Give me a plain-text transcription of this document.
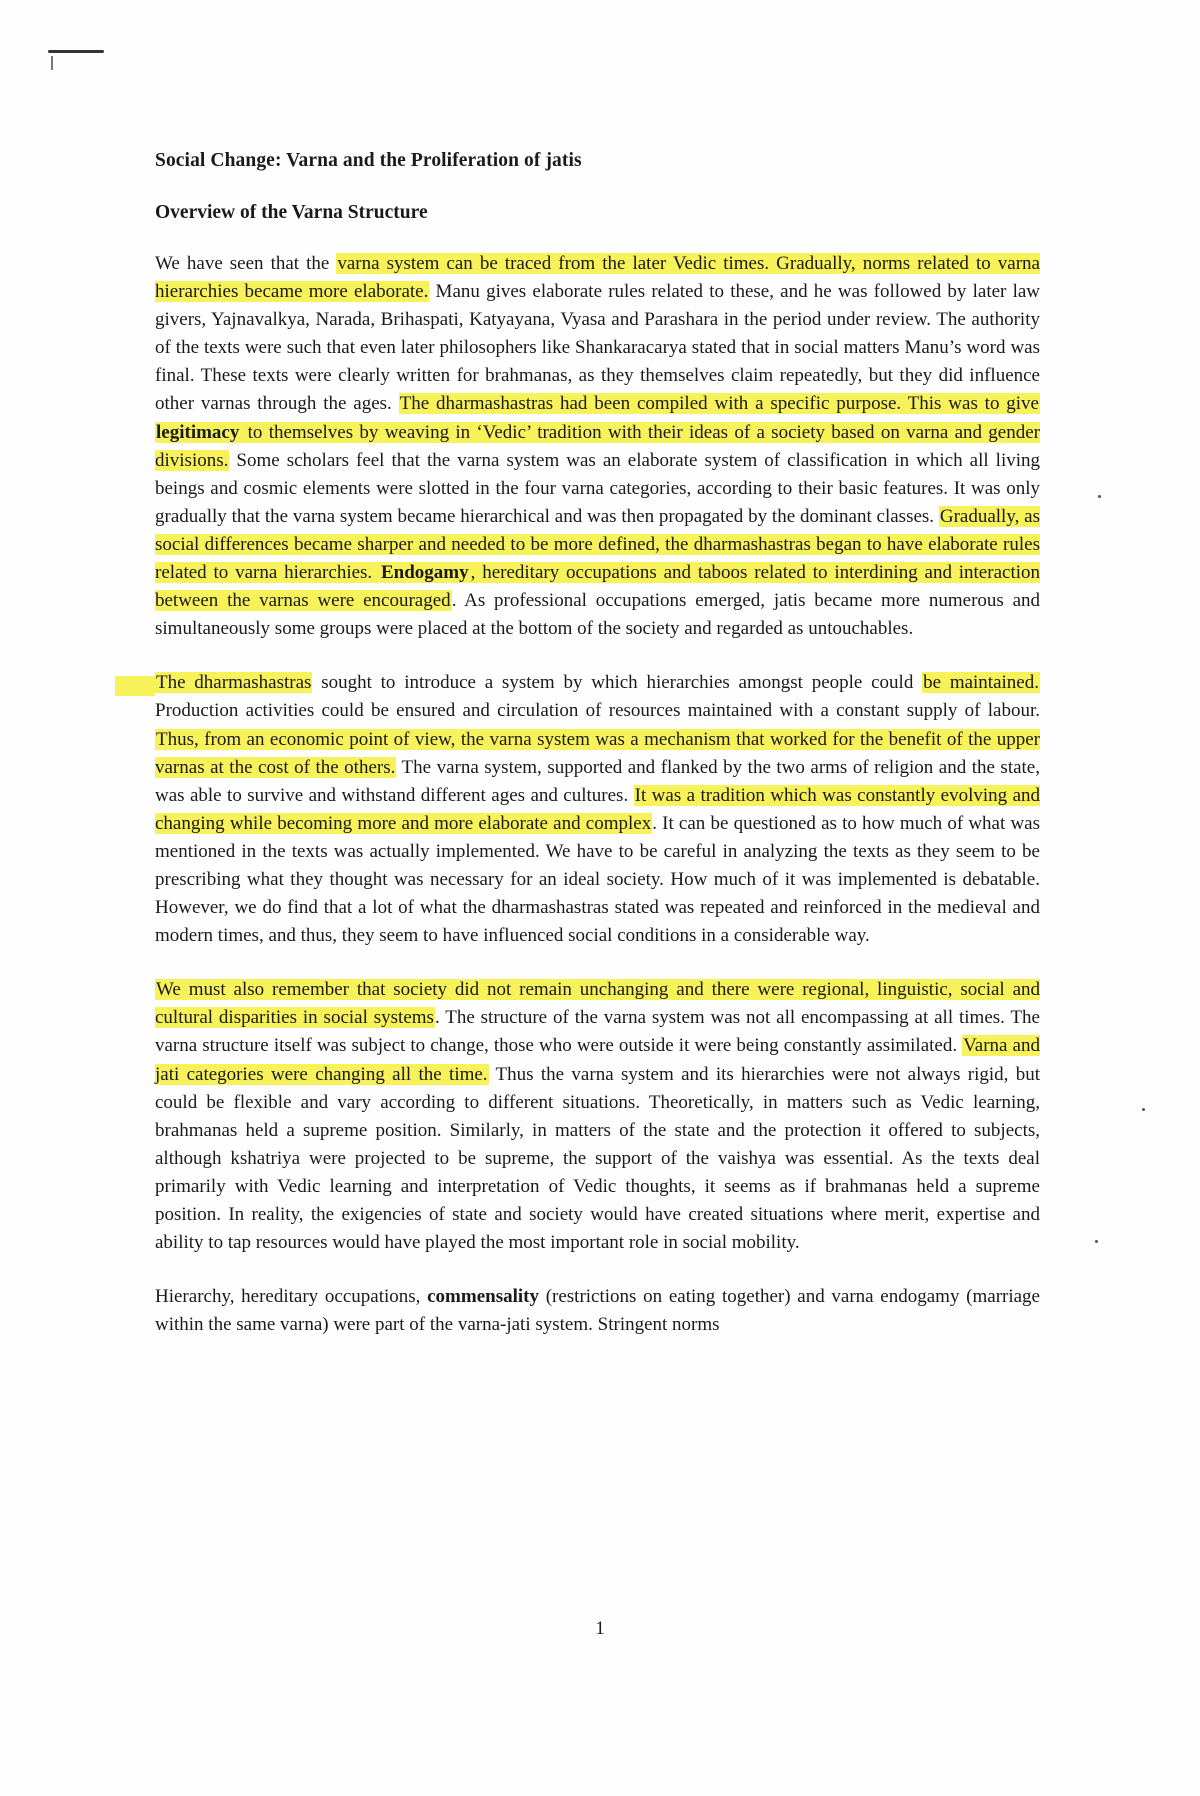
Social Change: Varna and the Proliferation of jatis
Overview of the Varna Structure

We have seen that the varna system can be traced from the later Vedic times. Gradually, norms related to varna hierarchies became more elaborate. Manu gives elaborate rules related to these, and he was followed by later law givers, Yajnavalkya, Narada, Brihaspati, Katyayana, Vyasa and Parashara in the period under review. The authority of the texts were such that even later philosophers like Shankaracarya stated that in social matters Manu’s word was final. These texts were clearly written for brahmanas, as they themselves claim repeatedly, but they did influence other varnas through the ages. The dharmashastras had been compiled with a specific purpose. This was to give legitimacy to themselves by weaving in ‘Vedic’ tradition with their ideas of a society based on varna and gender divisions. Some scholars feel that the varna system was an elaborate system of classification in which all living beings and cosmic elements were slotted in the four varna categories, according to their basic features. It was only gradually that the varna system became hierarchical and was then propagated by the dominant classes. Gradually, as social differences became sharper and needed to be more defined, the dharmashastras began to have elaborate rules related to varna hierarchies. Endogamy , hereditary occupations and taboos related to interdining and interaction between the varnas were encouraged. As professional occupations emerged, jatis became more numerous and simultaneously some groups were placed at the bottom of the society and regarded as untouchables.

The dharmashastras sought to introduce a system by which hierarchies amongst people could be maintained. Production activities could be ensured and circulation of resources maintained with a constant supply of labour. Thus, from an economic point of view, the varna system was a mechanism that worked for the benefit of the upper varnas at the cost of the others. The varna system, supported and flanked by the two arms of religion and the state, was able to survive and withstand different ages and cultures. It was a tradition which was constantly evolving and changing while becoming more and more elaborate and complex. It can be questioned as to how much of what was mentioned in the texts was actually implemented. We have to be careful in analyzing the texts as they seem to be prescribing what they thought was necessary for an ideal society. How much of it was implemented is debatable. However, we do find that a lot of what the dharmashastras stated was repeated and reinforced in the medieval and modern times, and thus, they seem to have influenced social conditions in a considerable way.

We must also remember that society did not remain unchanging and there were regional, linguistic, social and cultural disparities in social systems. The structure of the varna system was not all encompassing at all times. The varna structure itself was subject to change, those who were outside it were being constantly assimilated. Varna and jati categories were changing all the time. Thus the varna system and its hierarchies were not always rigid, but could be flexible and vary according to different situations. Theoretically, in matters such as Vedic learning, brahmanas held a supreme position. Similarly, in matters of the state and the protection it offered to subjects, although kshatriya were projected to be supreme, the support of the vaishya was essential. As the texts deal primarily with Vedic learning and interpretation of Vedic thoughts, it seems as if brahmanas held a supreme position. In reality, the exigencies of state and society would have created situations where merit, expertise and ability to tap resources would have played the most important role in social mobility.

Hierarchy, hereditary occupations, commensality (restrictions on eating together) and varna endogamy (marriage within the same varna) were part of the varna-jati system. Stringent norms

1
